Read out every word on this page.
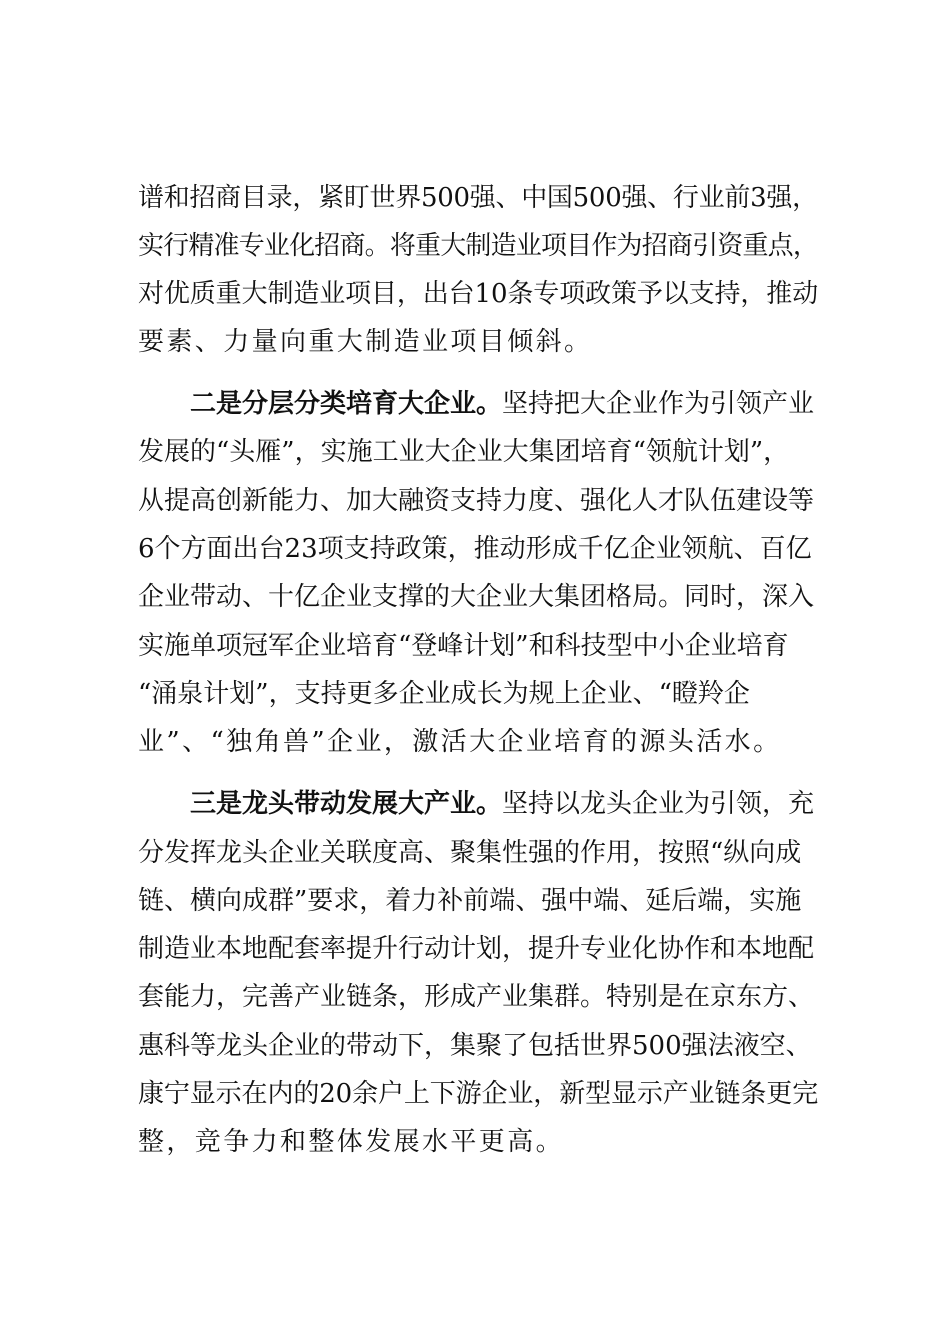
谱和招商目录，紧盯世界500强、中国500强、行业前3强，
实行精准专业化招商。将重大制造业项目作为招商引资重点，
对优质重大制造业项目，出台10条专项政策予以支持，推动
要素、力量向重大制造业项目倾斜。
二是分层分类培育大企业。坚持把大企业作为引领产业
发展的“头雁”，实施工业大企业大集团培育“领航计划”，
从提高创新能力、加大融资支持力度、强化人才队伍建设等
6个方面出台23项支持政策，推动形成千亿企业领航、百亿
企业带动、十亿企业支撑的大企业大集团格局。同时，深入
实施单项冠军企业培育“登峰计划”和科技型中小企业培育
“涌泉计划”，支持更多企业成长为规上企业、“瞪羚企
业”、“独角兽”企业，激活大企业培育的源头活水。
三是龙头带动发展大产业。坚持以龙头企业为引领，充
分发挥龙头企业关联度高、聚集性强的作用，按照“纵向成
链、横向成群”要求，着力补前端、强中端、延后端，实施
制造业本地配套率提升行动计划，提升专业化协作和本地配
套能力，完善产业链条，形成产业集群。特别是在京东方、
惠科等龙头企业的带动下，集聚了包括世界500强法液空、
康宁显示在内的20余户上下游企业，新型显示产业链条更完
整，竞争力和整体发展水平更高。
